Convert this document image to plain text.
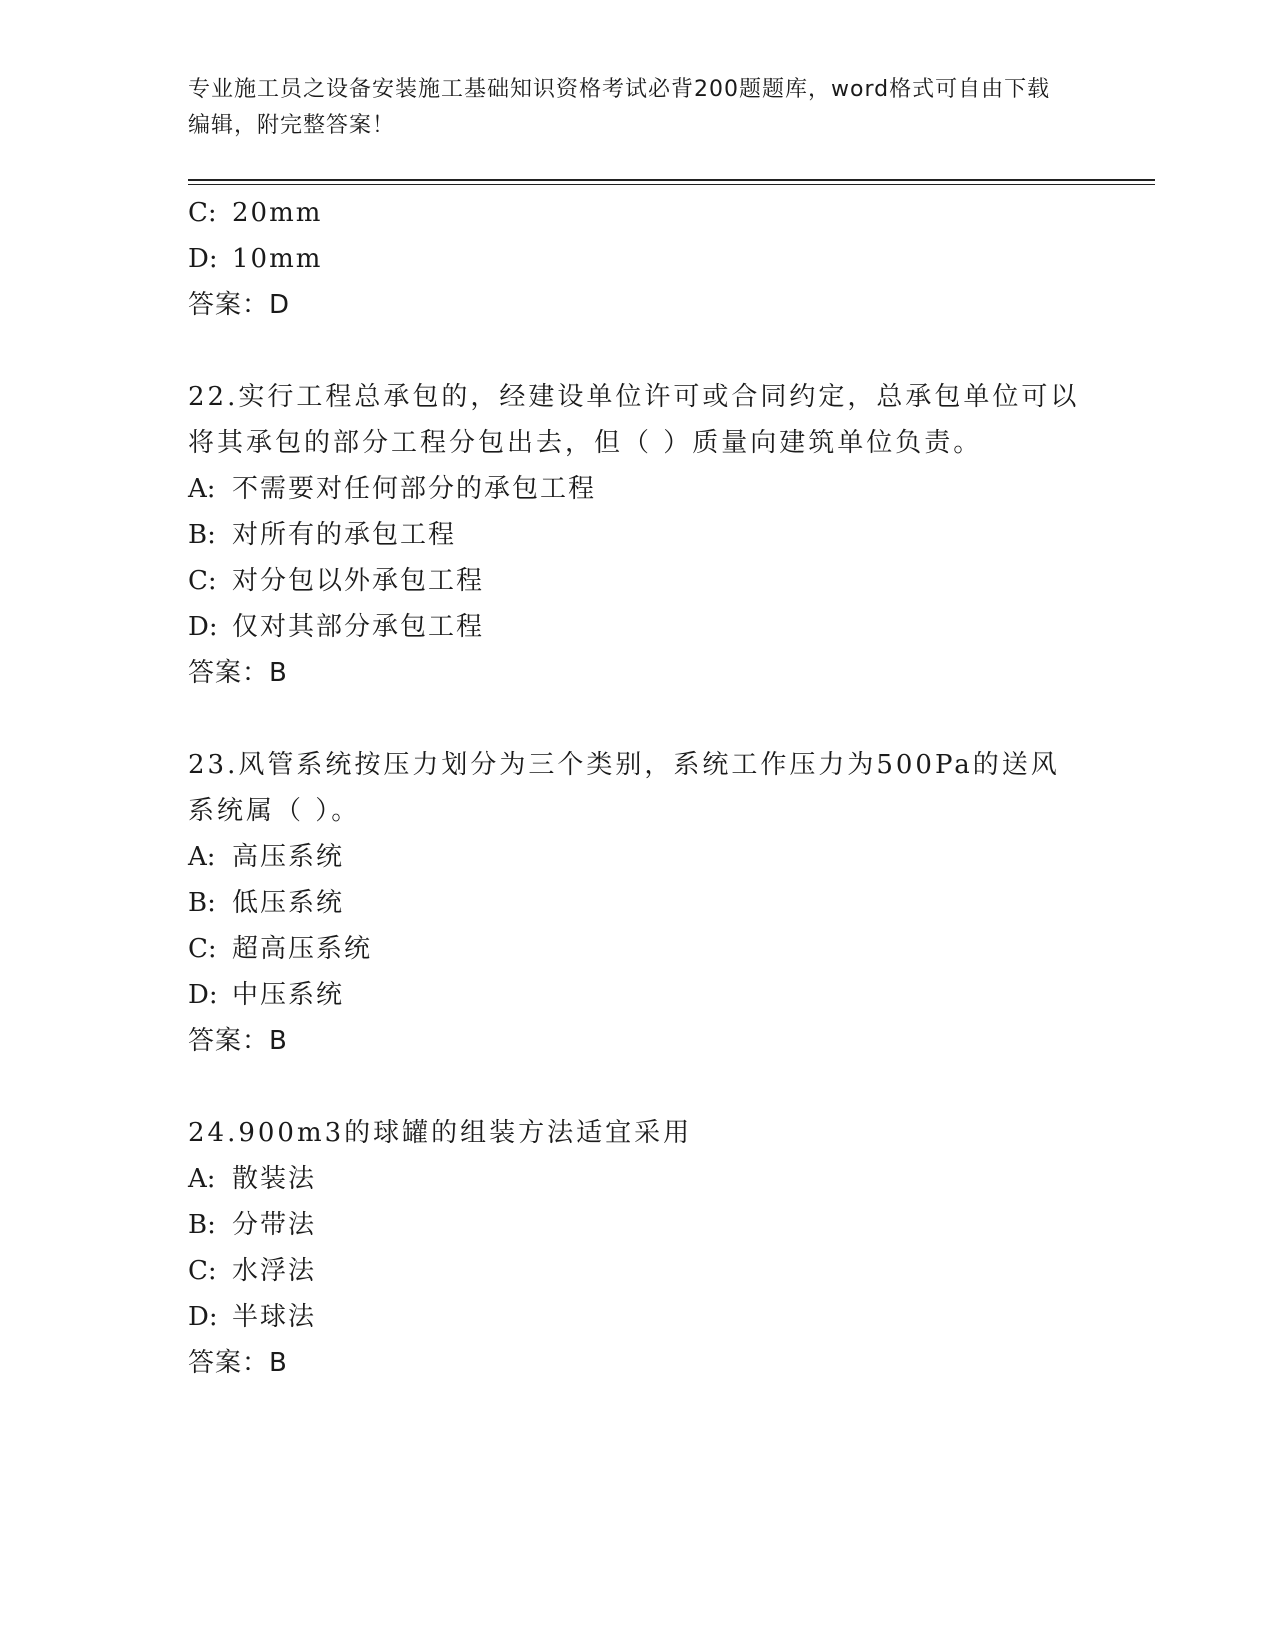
专业施工员之设备安装施工基础知识资格考试必背200题题库，word格式可自由下载编辑，附完整答案！
C: 20mm
D: 10mm
答案：D
22.实行工程总承包的，经建设单位许可或合同约定，总承包单位可以将其承包的部分工程分包出去，但（ ）质量向建筑单位负责。
A: 不需要对任何部分的承包工程
B: 对所有的承包工程
C: 对分包以外承包工程
D: 仅对其部分承包工程
答案：B
23.风管系统按压力划分为三个类别，系统工作压力为500Pa的送风系统属（ ）。
A: 高压系统
B: 低压系统
C: 超高压系统
D: 中压系统
答案：B
24.900m3的球罐的组装方法适宜采用
A: 散装法
B: 分带法
C: 水浮法
D: 半球法
答案：B
